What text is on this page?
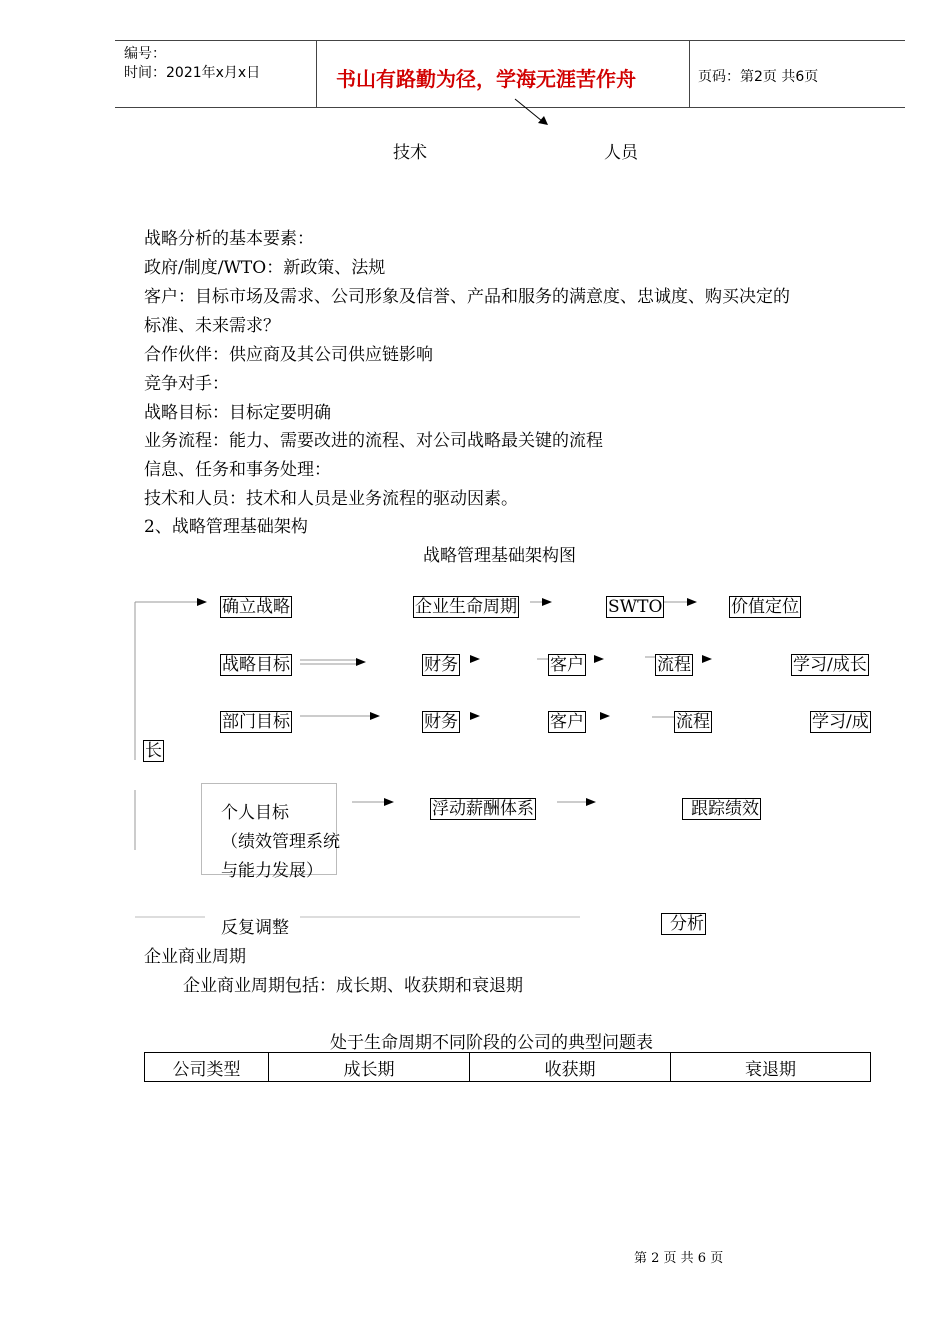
编号：
时间：2021年x月x日	书山有路勤为径，学海无涯苦作舟	页码：第2页 共6页
技术	人员
战略分析的基本要素：
政府/制度/WTO：新政策、法规
客户：目标市场及需求、公司形象及信誉、产品和服务的满意度、忠诚度、购买决定的
标准、未来需求？
合作伙伴：供应商及其公司供应链影响
竞争对手：
战略目标：目标定要明确
业务流程：能力、需要改进的流程、对公司战略最关键的流程
信息、任务和事务处理：
技术和人员：技术和人员是业务流程的驱动因素。
2、战略管理基础架构
战略管理基础架构图
确立战略	企业生命周期	SWTO	价值定位
战略目标	财务	客户	流程	学习/成长
部门目标	财务	客户	流程	学习/成
长
个人目标
（绩效管理系统
与能力发展）
浮动薪酬体系	跟踪绩效
反复调整	分析
企业商业周期
企业商业周期包括：成长期、收获期和衰退期
处于生命周期不同阶段的公司的典型问题表
公司类型	成长期	收获期	衰退期
第 2 页 共 6 页
